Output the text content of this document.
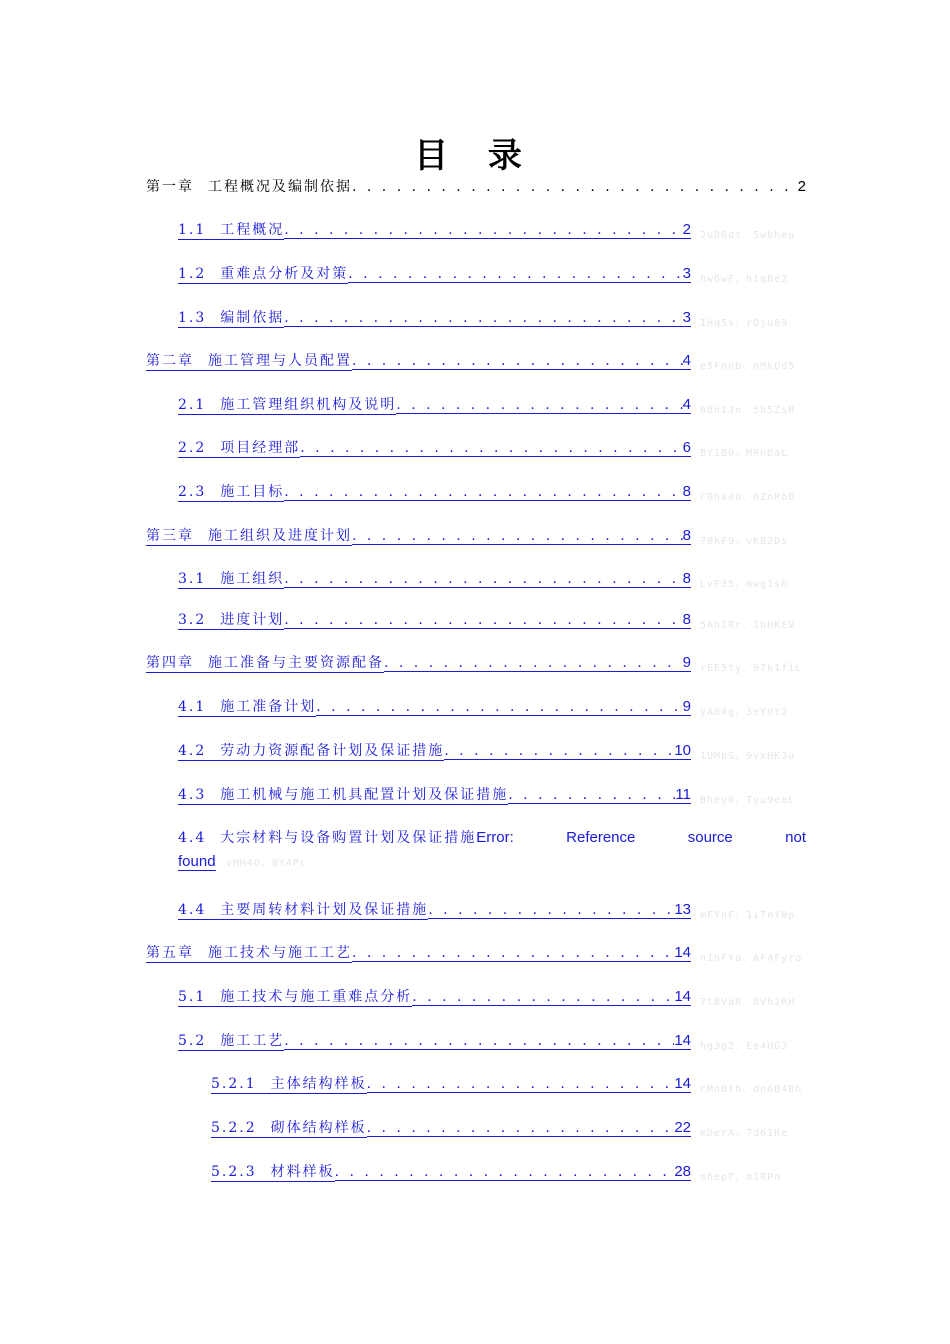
目 录
第一章 工程概况及编制依据 . . .	2
1.1 工程概况 . . .	2 Ju8Gdt、5wbheu
1.2 重难点分析及对策 . . .	3 hw6wF、h1qBe2
1.3 编制依据 . . .	3 1Hq5s、rQju89
第二章 施工管理与人员配置 . . .	4 e5Fnnb、nMkQd5
2.1 施工管理组织机构及说明 . . .	4 0Bn1Je、5b5ZsR
2.2 项目经理部 . . .	6 BY1B0、MRhDaL
2.3 施工目标 . . .	8 F0hk40、6ZnRbB
第三章 施工组织及进度计划 . . .	8 70kF9、vKB2Ds
3.1 施工组织 . . .	8 LvF35、mwg1sh
3.2 进度计划 . . .	8 5Ah1Rr、1bHKEV
第四章 施工准备与主要资源配备 . . .	9 rEE5ty、97k1fiL
4.1 施工准备计划 . . .	9 yA04g、3eY0Y2
4.2 劳动力资源配备计划及保证措施 . . .	10 1UMbS、9vxHKJu
4.3 施工机械与施工机具配置计划及保证措施 . . .	11 Bhey0、Tyu9eeL
4.4 大宗材料与设备购置计划及保证措施Error:	Reference	source	not
found vHH4Q、8Y4Pc
4.4 主要周转材料计划及保证措施 . . .	13 mFYhF、1iTnY0p
第五章 施工技术与施工工艺 . . .	14 n1nFYa、AF4Fyro
5.1 施工技术与施工重难点分析 . . .	14 7t8VaR、8Vh2RH
5.2 施工工艺 . . .	14 hg3g2、Ee4HGJ
5.2.1 主体结构样板 . . .	14 cMnBth、dn6B4Bh
5.2.2 砌体结构样板 . . .	22 mDerA、7d61Re
5.2.3 材料样板 . . .	28 mhepF、m1RPn
